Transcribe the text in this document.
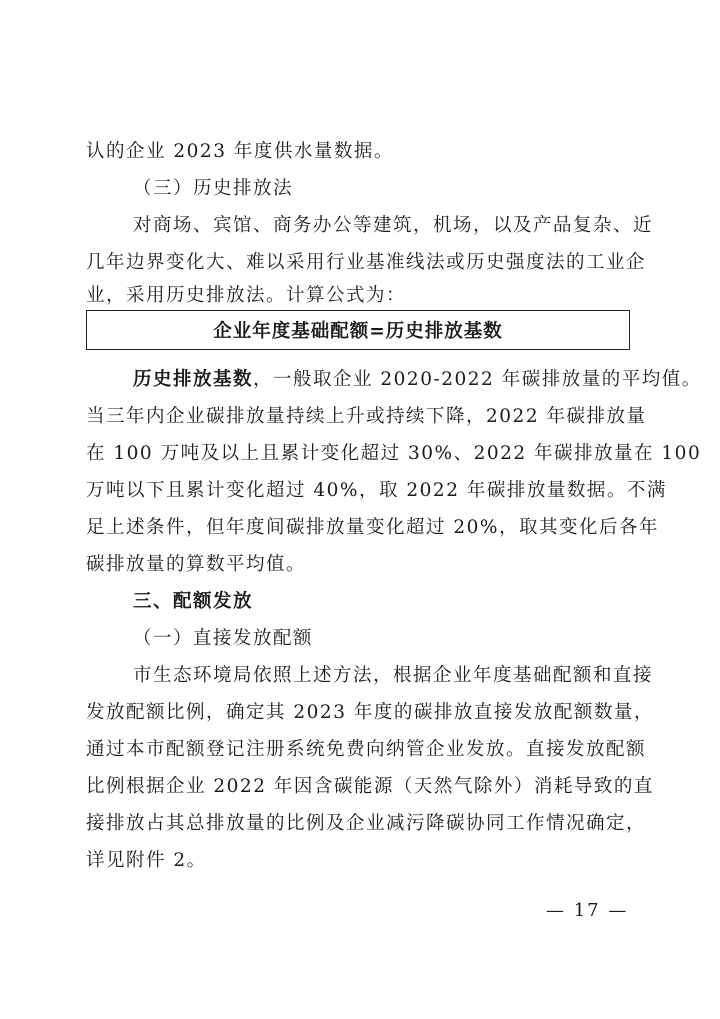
认的企业 2023 年度供水量数据。
（三）历史排放法
对商场、宾馆、商务办公等建筑，机场，以及产品复杂、近
几年边界变化大、难以采用行业基准线法或历史强度法的工业企
业，采用历史排放法。计算公式为：
企业年度基础配额=历史排放基数
历史排放基数，一般取企业 2020-2022 年碳排放量的平均值。
当三年内企业碳排放量持续上升或持续下降，2022 年碳排放量
在 100 万吨及以上且累计变化超过 30%、2022 年碳排放量在 100
万吨以下且累计变化超过 40%，取 2022 年碳排放量数据。不满
足上述条件，但年度间碳排放量变化超过 20%，取其变化后各年
碳排放量的算数平均值。
三、配额发放
（一）直接发放配额
市生态环境局依照上述方法，根据企业年度基础配额和直接
发放配额比例，确定其 2023 年度的碳排放直接发放配额数量，
通过本市配额登记注册系统免费向纳管企业发放。直接发放配额
比例根据企业 2022 年因含碳能源（天然气除外）消耗导致的直
接排放占其总排放量的比例及企业减污降碳协同工作情况确定，
详见附件 2。
— 17 —
